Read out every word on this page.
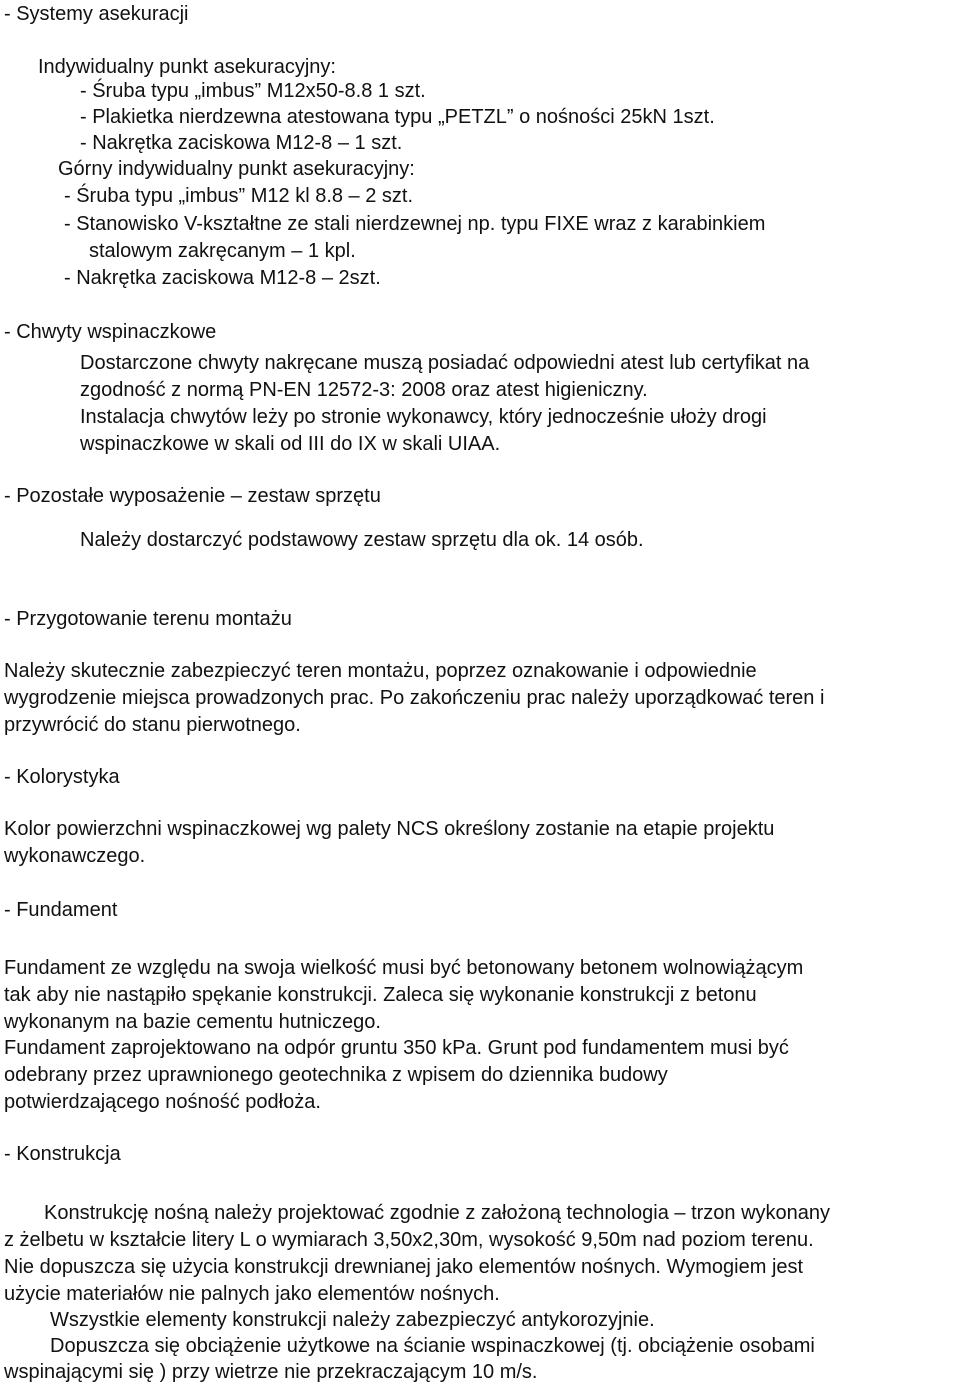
- Systemy asekuracji
Indywidualny punkt asekuracyjny:
- Śruba typu „imbus” M12x50-8.8 1 szt.
- Plakietka nierdzewna atestowana typu „PETZL” o nośności 25kN 1szt.
- Nakrętka zaciskowa M12-8 – 1 szt.
Górny indywidualny punkt asekuracyjny:
- Śruba typu „imbus” M12 kl 8.8 – 2 szt.
- Stanowisko V-kształtne ze stali nierdzewnej np. typu FIXE wraz z karabinkiem
stalowym zakręcanym – 1 kpl.
- Nakrętka zaciskowa M12-8 – 2szt.
- Chwyty wspinaczkowe
Dostarczone chwyty nakręcane muszą posiadać odpowiedni atest lub certyfikat na
zgodność z normą PN-EN 12572-3: 2008 oraz atest higieniczny.
Instalacja chwytów leży po stronie wykonawcy, który jednocześnie ułoży drogi
wspinaczkowe w skali od III do IX w skali UIAA.
- Pozostałe wyposażenie – zestaw sprzętu
Należy dostarczyć podstawowy zestaw sprzętu dla ok. 14 osób.
- Przygotowanie terenu montażu
Należy skutecznie zabezpieczyć teren montażu, poprzez oznakowanie i odpowiednie
wygrodzenie miejsca prowadzonych prac. Po zakończeniu prac należy uporządkować teren i
przywrócić do stanu pierwotnego.
- Kolorystyka
Kolor powierzchni wspinaczkowej wg palety NCS określony zostanie na etapie projektu
wykonawczego.
- Fundament
Fundament ze względu na swoja wielkość musi być betonowany betonem wolnowiążącym
tak aby nie nastąpiło spękanie konstrukcji. Zaleca się wykonanie konstrukcji z betonu
wykonanym na bazie cementu hutniczego.
Fundament zaprojektowano na odpór gruntu 350 kPa. Grunt pod fundamentem musi być
odebrany przez uprawnionego geotechnika z wpisem do dziennika budowy
potwierdzającego nośność podłoża.
- Konstrukcja
Konstrukcję nośną należy projektować zgodnie z założoną technologia – trzon wykonany
z żelbetu w kształcie litery L o wymiarach 3,50x2,30m, wysokość 9,50m nad poziom terenu.
Nie dopuszcza się użycia konstrukcji drewnianej jako elementów nośnych. Wymogiem jest
użycie materiałów nie palnych jako elementów nośnych.
Wszystkie elementy konstrukcji należy zabezpieczyć antykorozyjnie.
Dopuszcza się obciążenie użytkowe na ścianie wspinaczkowej (tj. obciążenie osobami
wspinającymi się ) przy wietrze nie przekraczającym 10 m/s.
